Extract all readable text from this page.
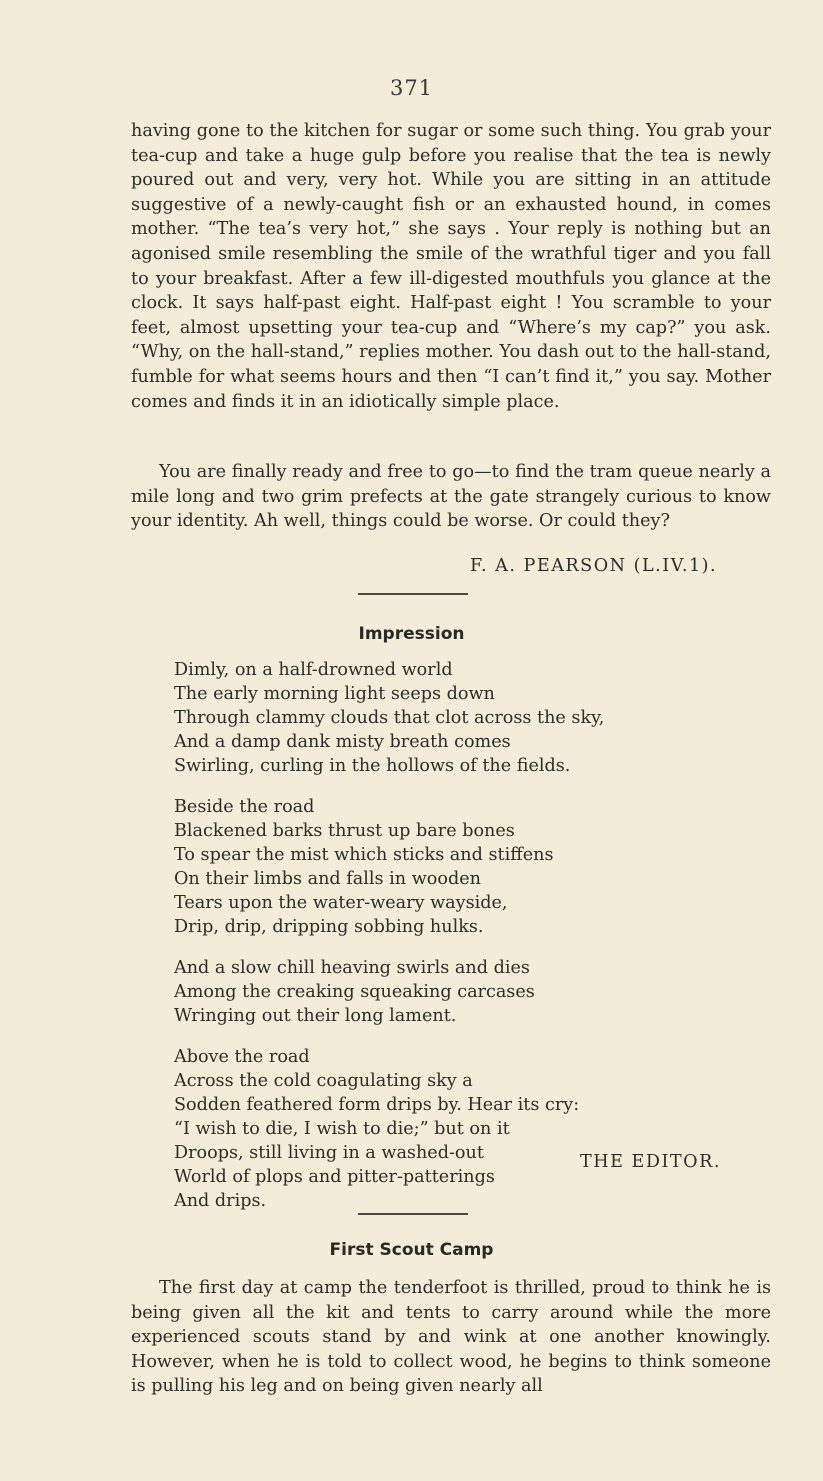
371

having gone to the kitchen for sugar or some such thing. You grab your tea-cup and take a huge gulp before you realise that the tea is newly poured out and very, very hot. While you are sitting in an attitude suggestive of a newly-caught fish or an exhausted hound, in comes mother. “The tea’s very hot,” she says . Your reply is nothing but an agonised smile resembling the smile of the wrathful tiger and you fall to your breakfast. After a few ill-digested mouthfuls you glance at the clock. It says half-past eight. Half-past eight ! You scramble to your feet, almost upsetting your tea-cup and “Where’s my cap?” you ask. “Why, on the hall-stand,” replies mother. You dash out to the hall-stand, fumble for what seems hours and then “I can’t find it,” you say. Mother comes and finds it in an idiotically simple place.

You are finally ready and free to go—to find the tram queue nearly a mile long and two grim prefects at the gate strangely curious to know your identity. Ah well, things could be worse. Or could they?

F. A. PEARSON (L.IV.1).
Impression
Dimly, on a half-drowned world
The early morning light seeps down
Through clammy clouds that clot across the sky,
And a damp dank misty breath comes
Swirling, curling in the hollows of the fields.
Beside the road
Blackened barks thrust up bare bones
To spear the mist which sticks and stiffens
On their limbs and falls in wooden
Tears upon the water-weary wayside,
Drip, drip, dripping sobbing hulks.
And a slow chill heaving swirls and dies
Among the creaking squeaking carcases
Wringing out their long lament.
Above the road
Across the cold coagulating sky a
Sodden feathered form drips by. Hear its cry:
“I wish to die, I wish to die;” but on it
Droops, still living in a washed-out
World of plops and pitter-patterings
And drips.
THE EDITOR.
First Scout Camp

The first day at camp the tenderfoot is thrilled, proud to think he is being given all the kit and tents to carry around while the more experienced scouts stand by and wink at one another knowingly. However, when he is told to collect wood, he begins to think someone is pulling his leg and on being given nearly all
